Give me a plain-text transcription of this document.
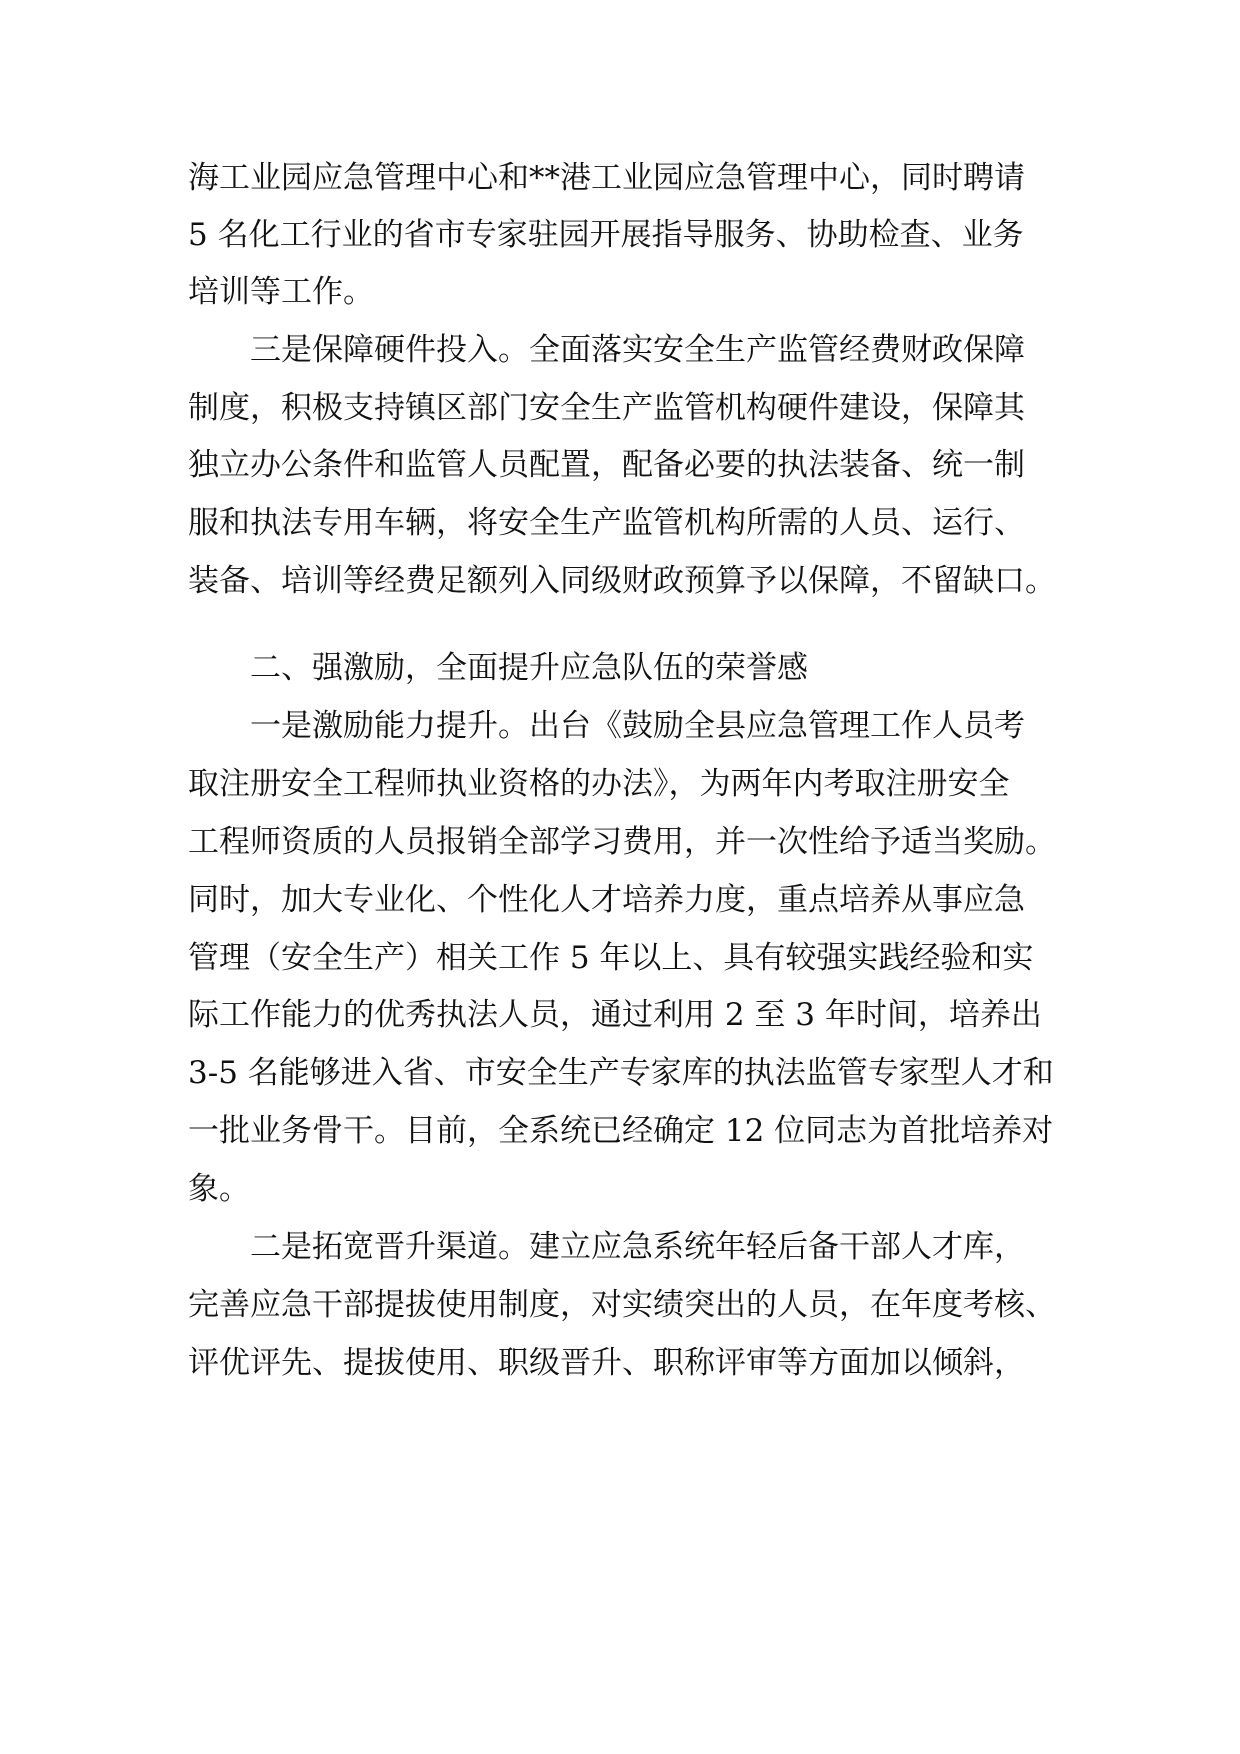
海工业园应急管理中心和**港工业园应急管理中心，同时聘请
5 名化工行业的省市专家驻园开展指导服务、协助检查、业务
培训等工作。
三是保障硬件投入。全面落实安全生产监管经费财政保障
制度，积极支持镇区部门安全生产监管机构硬件建设，保障其
独立办公条件和监管人员配置，配备必要的执法装备、统一制
服和执法专用车辆，将安全生产监管机构所需的人员、运行、
装备、培训等经费足额列入同级财政预算予以保障，不留缺口。
二、强激励，全面提升应急队伍的荣誉感
一是激励能力提升。出台《鼓励全县应急管理工作人员考
取注册安全工程师执业资格的办法》，为两年内考取注册安全
工程师资质的人员报销全部学习费用，并一次性给予适当奖励。
同时，加大专业化、个性化人才培养力度，重点培养从事应急
管理（安全生产）相关工作 5 年以上、具有较强实践经验和实
际工作能力的优秀执法人员，通过利用 2 至 3 年时间，培养出
3-5 名能够进入省、市安全生产专家库的执法监管专家型人才和
一批业务骨干。目前，全系统已经确定 12 位同志为首批培养对
象。
二是拓宽晋升渠道。建立应急系统年轻后备干部人才库，
完善应急干部提拔使用制度，对实绩突出的人员，在年度考核、
评优评先、提拔使用、职级晋升、职称评审等方面加以倾斜，
